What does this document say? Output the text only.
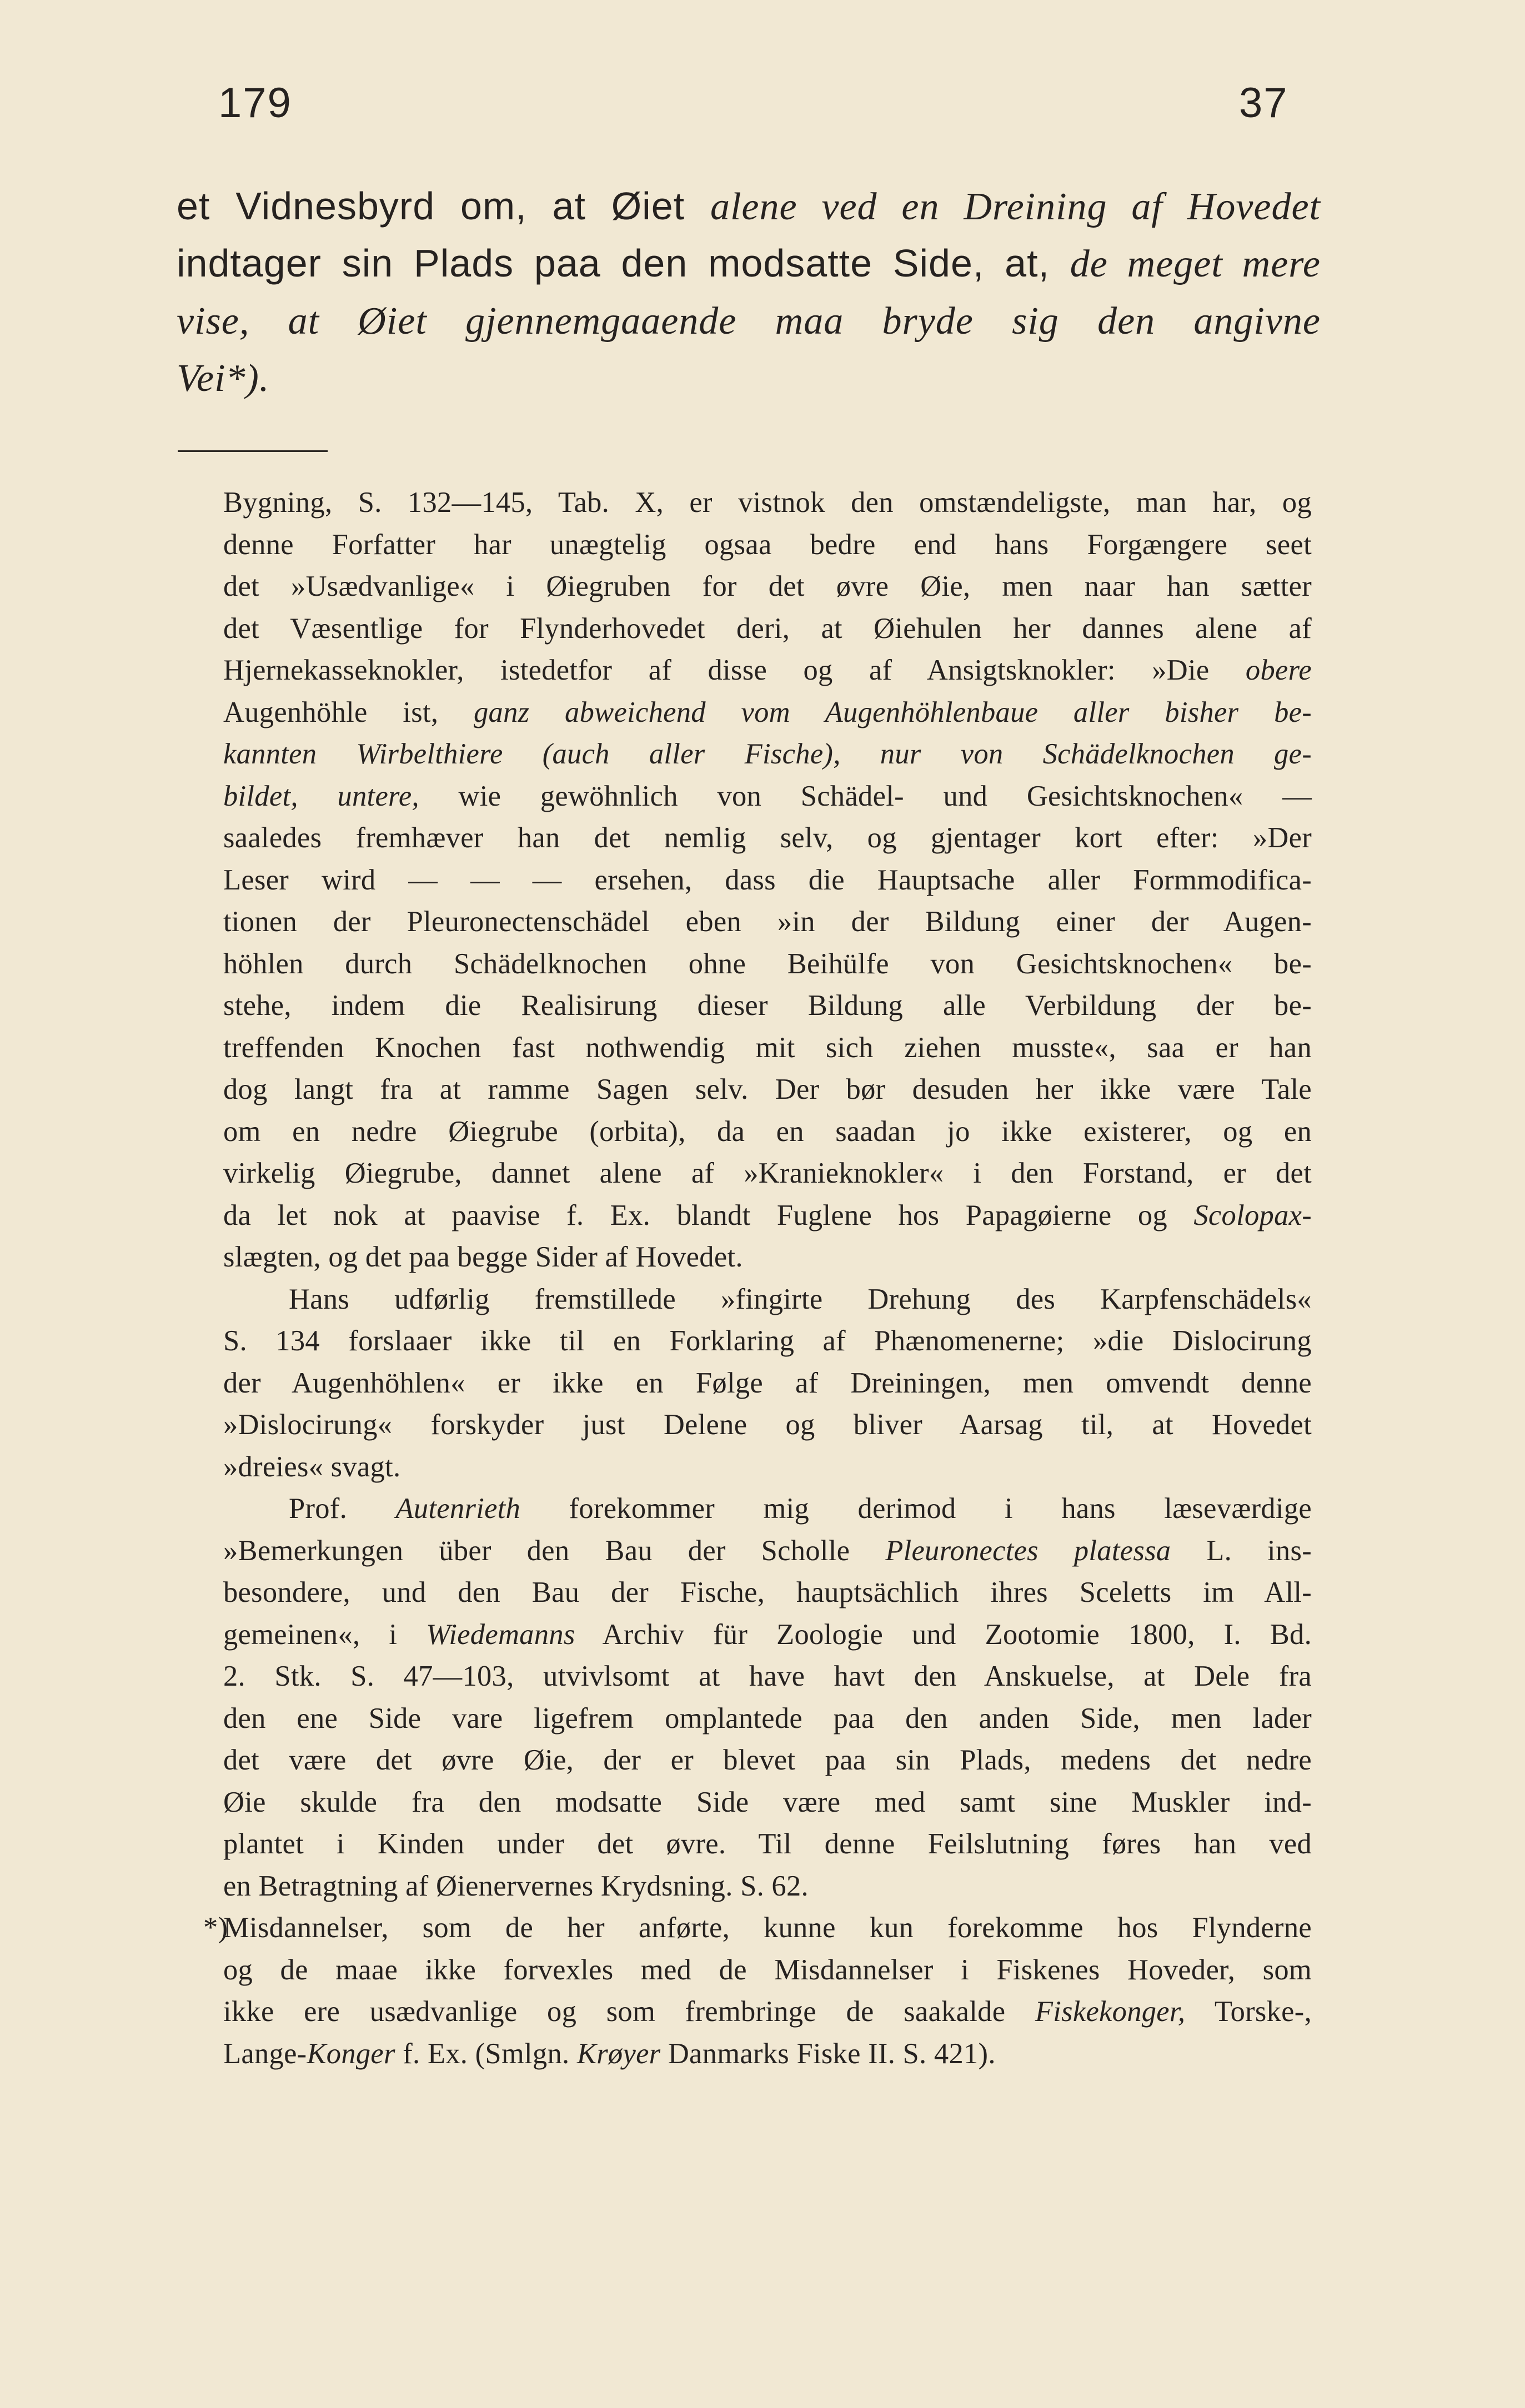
179	37
et Vidnesbyrd om, at Øiet alene ved en Dreining af Hovedet
indtager sin Plads paa den modsatte Side, at, de meget mere
vise, at Øiet gjennemgaaende maa bryde sig den angivne
Vei*).
Bygning, S. 132—145, Tab. X, er vistnok den omstændeligste, man har, og
denne Forfatter har unægtelig ogsaa bedre end hans Forgængere seet
det »Usædvanlige« i Øiegruben for det øvre Øie, men naar han sætter
det Væsentlige for Flynderhovedet deri, at Øiehulen her dannes alene af
Hjernekasseknokler, istedetfor af disse og af Ansigtsknokler: »Die obere
Augenhöhle ist, ganz abweichend vom Augenhöhlenbaue aller bisher be-
kannten Wirbelthiere (auch aller Fische), nur von Schädelknochen ge-
bildet, untere, wie gewöhnlich von Schädel- und Gesichtsknochen« —
saaledes fremhæver han det nemlig selv, og gjentager kort efter: »Der
Leser wird — — — ersehen, dass die Hauptsache aller Formmodifica-
tionen der Pleuronectenschädel eben »in der Bildung einer der Augen-
höhlen durch Schädelknochen ohne Beihülfe von Gesichtsknochen« be-
stehe, indem die Realisirung dieser Bildung alle Verbildung der be-
treffenden Knochen fast nothwendig mit sich ziehen musste«, saa er han
dog langt fra at ramme Sagen selv. Der bør desuden her ikke være Tale
om en nedre Øiegrube (orbita), da en saadan jo ikke existerer, og en
virkelig Øiegrube, dannet alene af »Kranieknokler« i den Forstand, er det
da let nok at paavise f. Ex. blandt Fuglene hos Papagøierne og Scolopax-
slægten, og det paa begge Sider af Hovedet.
Hans udførlig fremstillede »fingirte Drehung des Karpfenschädels«
S. 134 forslaaer ikke til en Forklaring af Phænomenerne; »die Dislocirung
der Augenhöhlen« er ikke en Følge af Dreiningen, men omvendt denne
»Dislocirung« forskyder just Delene og bliver Aarsag til, at Hovedet
»dreies« svagt.
Prof. Autenrieth forekommer mig derimod i hans læseværdige
»Bemerkungen über den Bau der Scholle Pleuronectes platessa L. ins-
besondere, und den Bau der Fische, hauptsächlich ihres Sceletts im All-
gemeinen«, i Wiedemanns Archiv für Zoologie und Zootomie 1800, I. Bd.
2. Stk. S. 47—103, utvivlsomt at have havt den Anskuelse, at Dele fra
den ene Side vare ligefrem omplantede paa den anden Side, men lader
det være det øvre Øie, der er blevet paa sin Plads, medens det nedre
Øie skulde fra den modsatte Side være med samt sine Muskler ind-
plantet i Kinden under det øvre. Til denne Feilslutning føres han ved
en Betragtning af Øienervernes Krydsning. S. 62.
*)
Misdannelser, som de her anførte, kunne kun forekomme hos Flynderne
og de maae ikke forvexles med de Misdannelser i Fiskenes Hoveder, som
ikke ere usædvanlige og som frembringe de saakalde Fiskekonger, Torske-,
Lange-Konger f. Ex. (Smlgn. Krøyer Danmarks Fiske II. S. 421).
